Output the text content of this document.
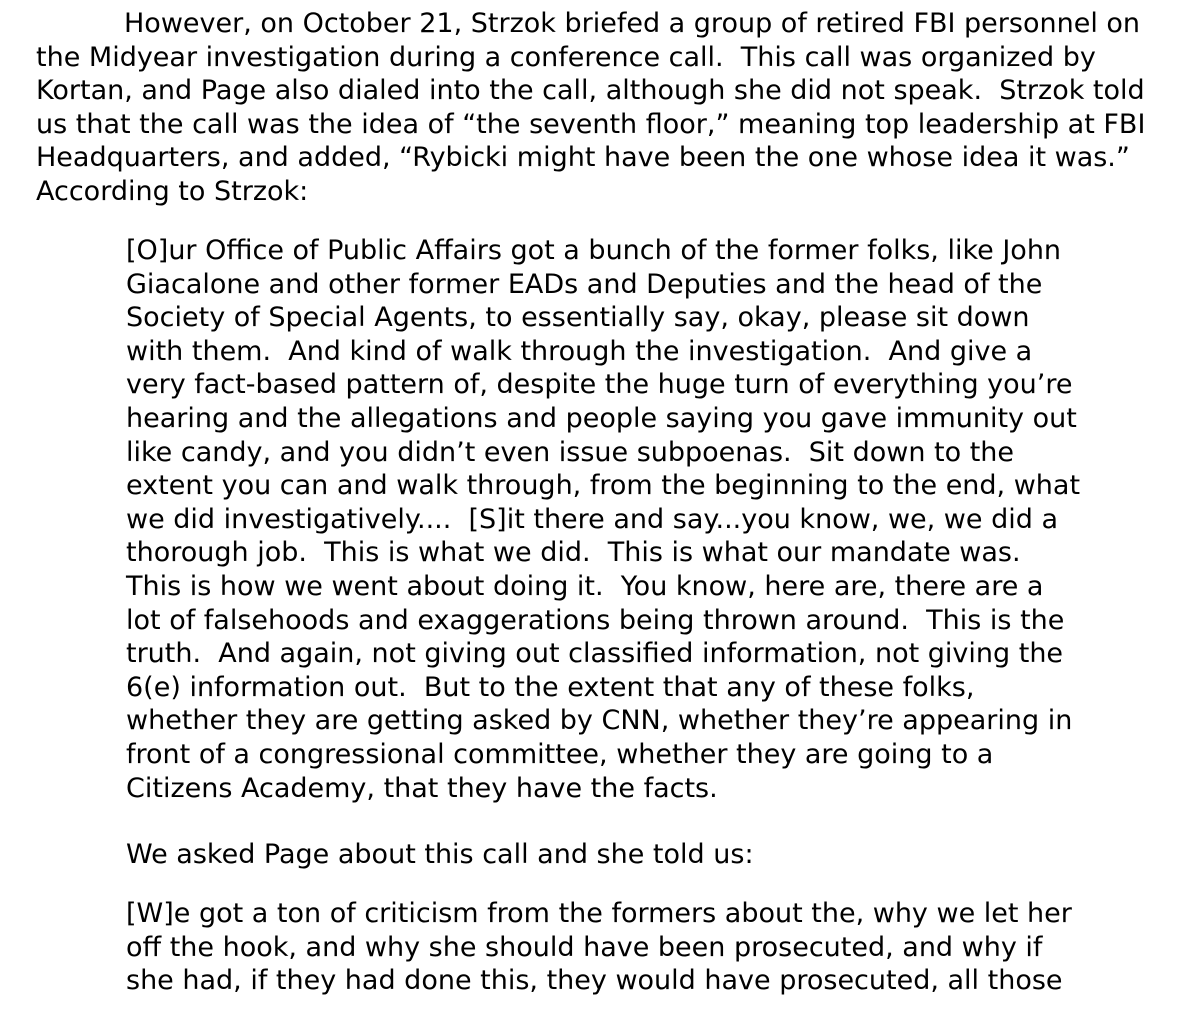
However, on October 21, Strzok briefed a group of retired FBI personnel on
the Midyear investigation during a conference call.  This call was organized by
Kortan, and Page also dialed into the call, although she did not speak.  Strzok told
us that the call was the idea of “the seventh floor,” meaning top leadership at FBI
Headquarters, and added, “Rybicki might have been the one whose idea it was.”
According to Strzok:
[O]ur Office of Public Affairs got a bunch of the former folks, like John
Giacalone and other former EADs and Deputies and the head of the
Society of Special Agents, to essentially say, okay, please sit down
with them.  And kind of walk through the investigation.  And give a
very fact-based pattern of, despite the huge turn of everything you’re
hearing and the allegations and people saying you gave immunity out
like candy, and you didn’t even issue subpoenas.  Sit down to the
extent you can and walk through, from the beginning to the end, what
we did investigatively....  [S]it there and say...you know, we, we did a
thorough job.  This is what we did.  This is what our mandate was.
This is how we went about doing it.  You know, here are, there are a
lot of falsehoods and exaggerations being thrown around.  This is the
truth.  And again, not giving out classified information, not giving the
6(e) information out.  But to the extent that any of these folks,
whether they are getting asked by CNN, whether they’re appearing in
front of a congressional committee, whether they are going to a
Citizens Academy, that they have the facts.
We asked Page about this call and she told us:
[W]e got a ton of criticism from the formers about the, why we let her
off the hook, and why she should have been prosecuted, and why if
she had, if they had done this, they would have prosecuted, all those
